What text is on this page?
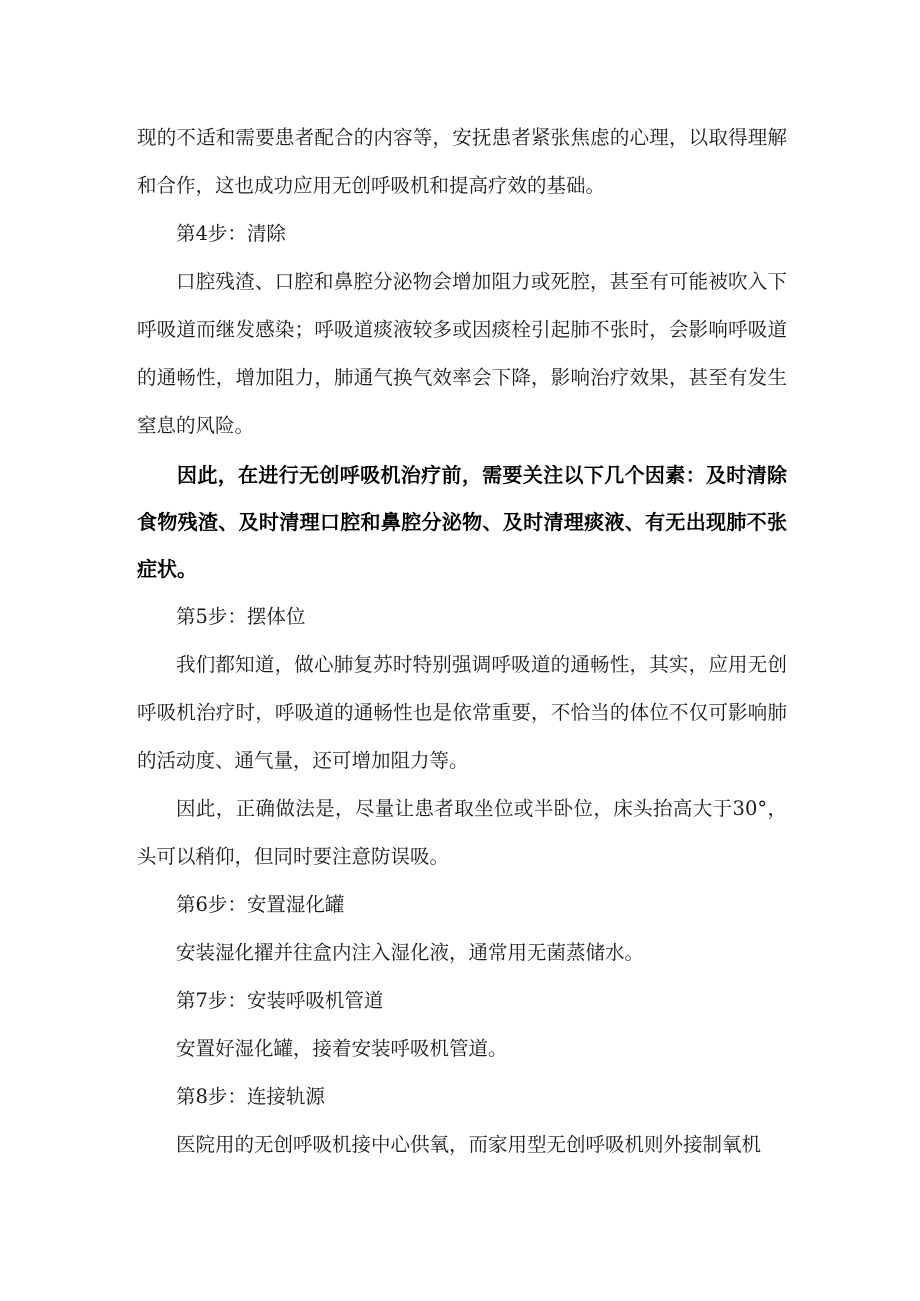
现的不适和需要患者配合的内容等，安抚患者紧张焦虑的心理，以取得理解和合作，这也成功应用无创呼吸机和提高疗效的基础。

第4步：清除

口腔残渣、口腔和鼻腔分泌物会增加阻力或死腔，甚至有可能被吹入下呼吸道而继发感染；呼吸道痰液较多或因痰栓引起肺不张时，会影响呼吸道的通畅性，增加阻力，肺通气换气效率会下降，影响治疗效果，甚至有发生窒息的风险。

因此，在进行无创呼吸机治疗前，需要关注以下几个因素：及时清除食物残渣、及时清理口腔和鼻腔分泌物、及时清理痰液、有无出现肺不张症状。

第5步：摆体位

我们都知道，做心肺复苏时特别强调呼吸道的通畅性，其实，应用无创呼吸机治疗时，呼吸道的通畅性也是依常重要，不恰当的体位不仅可影响肺的活动度、通气量，还可增加阻力等。

因此，正确做法是，尽量让患者取坐位或半卧位，床头抬高大于30°，头可以稍仰，但同时要注意防误吸。

第6步：安置湿化罐

安装湿化擢并往盒内注入湿化液，通常用无菌蒸储水。

第7步：安装呼吸机管道

安置好湿化罐，接着安装呼吸机管道。

第8步：连接轨源

医院用的无创呼吸机接中心供氧，而家用型无创呼吸机则外接制氧机
